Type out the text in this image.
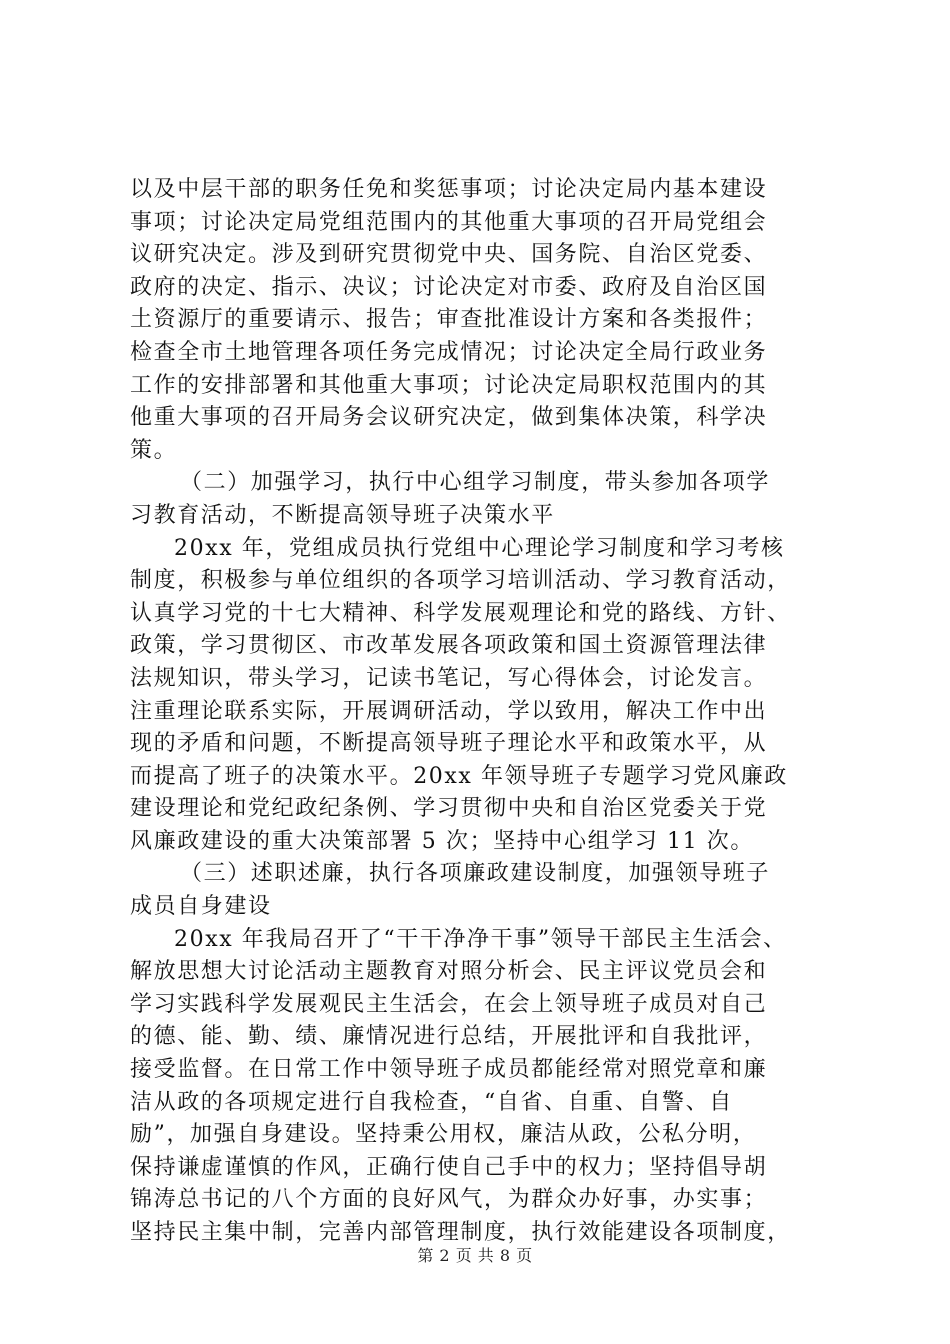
以及中层干部的职务任免和奖惩事项；讨论决定局内基本建设
事项；讨论决定局党组范围内的其他重大事项的召开局党组会
议研究决定。涉及到研究贯彻党中央、国务院、自治区党委、
政府的决定、指示、决议；讨论决定对市委、政府及自治区国
土资源厅的重要请示、报告；审查批准设计方案和各类报件；
检查全市土地管理各项任务完成情况；讨论决定全局行政业务
工作的安排部署和其他重大事项；讨论决定局职权范围内的其
他重大事项的召开局务会议研究决定，做到集体决策，科学决
策。
（二）加强学习，执行中心组学习制度，带头参加各项学
习教育活动，不断提高领导班子决策水平
20xx 年，党组成员执行党组中心理论学习制度和学习考核
制度，积极参与单位组织的各项学习培训活动、学习教育活动，
认真学习党的十七大精神、科学发展观理论和党的路线、方针、
政策，学习贯彻区、市改革发展各项政策和国土资源管理法律
法规知识，带头学习，记读书笔记，写心得体会，讨论发言。
注重理论联系实际，开展调研活动，学以致用，解决工作中出
现的矛盾和问题，不断提高领导班子理论水平和政策水平，从
而提高了班子的决策水平。20xx 年领导班子专题学习党风廉政
建设理论和党纪政纪条例、学习贯彻中央和自治区党委关于党
风廉政建设的重大决策部署 5 次；坚持中心组学习 11 次。
（三）述职述廉，执行各项廉政建设制度，加强领导班子
成员自身建设
20xx 年我局召开了“干干净净干事”领导干部民主生活会、
解放思想大讨论活动主题教育对照分析会、民主评议党员会和
学习实践科学发展观民主生活会，在会上领导班子成员对自己
的德、能、勤、绩、廉情况进行总结，开展批评和自我批评，
接受监督。在日常工作中领导班子成员都能经常对照党章和廉
洁从政的各项规定进行自我检查，“自省、自重、自警、自
励”，加强自身建设。坚持秉公用权，廉洁从政，公私分明，
保持谦虚谨慎的作风，正确行使自己手中的权力；坚持倡导胡
锦涛总书记的八个方面的良好风气，为群众办好事，办实事；
坚持民主集中制，完善内部管理制度，执行效能建设各项制度，
第 2 页 共 8 页
